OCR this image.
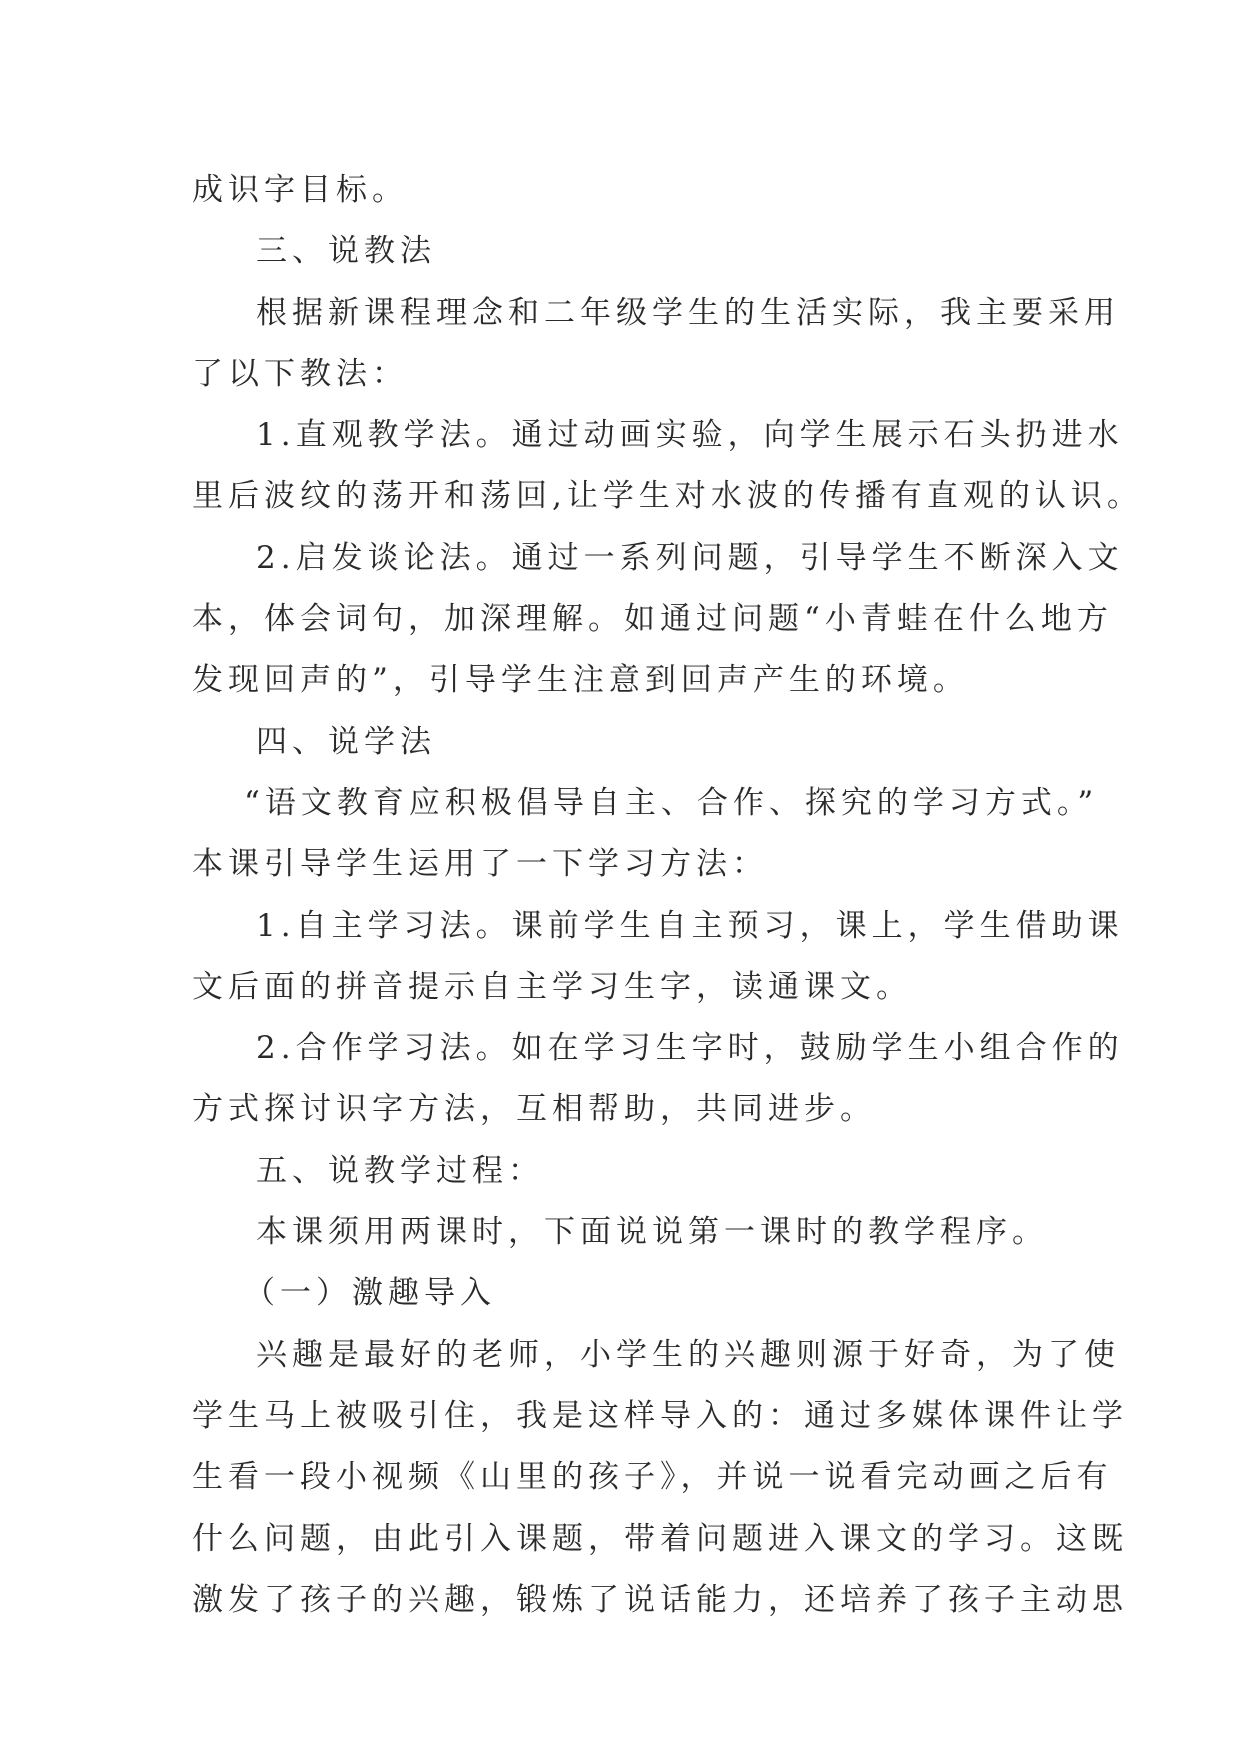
成识字目标。

三、说教法

根据新课程理念和二年级学生的生活实际，我主要采用

了以下教法：

1.直观教学法。通过动画实验，向学生展示石头扔进水

里后波纹的荡开和荡回,让学生对水波的传播有直观的认识。

2.启发谈论法。通过一系列问题，引导学生不断深入文

本，体会词句，加深理解。如通过问题“小青蛙在什么地方

发现回声的”，引导学生注意到回声产生的环境。

四、说学法

“语文教育应积极倡导自主、合作、探究的学习方式。”

本课引导学生运用了一下学习方法：

1.自主学习法。课前学生自主预习，课上，学生借助课

文后面的拼音提示自主学习生字，读通课文。

2.合作学习法。如在学习生字时，鼓励学生小组合作的

方式探讨识字方法，互相帮助，共同进步。

五、说教学过程：

本课须用两课时，下面说说第一课时的教学程序。

（一）激趣导入

兴趣是最好的老师，小学生的兴趣则源于好奇，为了使

学生马上被吸引住，我是这样导入的：通过多媒体课件让学

生看一段小视频《山里的孩子》，并说一说看完动画之后有

什么问题，由此引入课题，带着问题进入课文的学习。这既

激发了孩子的兴趣，锻炼了说话能力，还培养了孩子主动思
